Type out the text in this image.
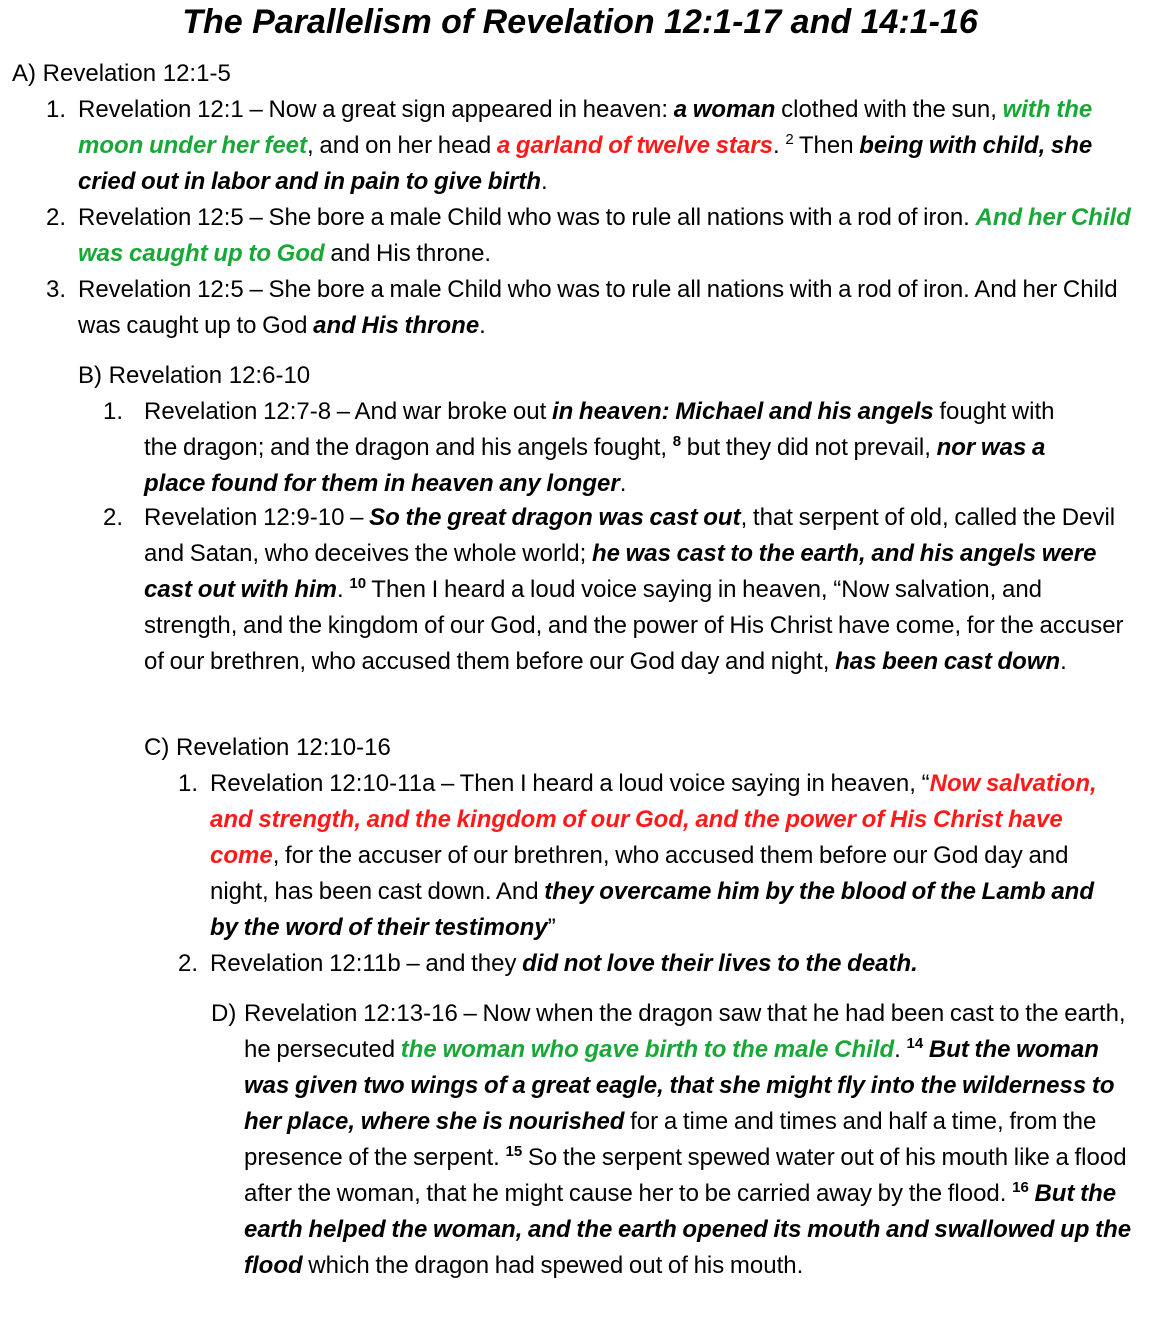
The Parallelism of Revelation 12:1-17 and 14:1-16
A) Revelation 12:1-5
1. Revelation 12:1 – Now a great sign appeared in heaven: a woman clothed with the sun, with the moon under her feet, and on her head a garland of twelve stars. $^2$ Then being with child, she cried out in labor and in pain to give birth.
2. Revelation 12:5 – She bore a male Child who was to rule all nations with a rod of iron. And her Child was caught up to God and His throne.
3. Revelation 12:5 – She bore a male Child who was to rule all nations with a rod of iron. And her Child was caught up to God and His throne.
B) Revelation 12:6-10
1. Revelation 12:7-8 – And war broke out in heaven: Michael and his angels fought with the dragon; and the dragon and his angels fought, $^8$ but they did not prevail, nor was a place found for them in heaven any longer.
2. Revelation 12:9-10 – So the great dragon was cast out, that serpent of old, called the Devil and Satan, who deceives the whole world; he was cast to the earth, and his angels were cast out with him. $^{10}$ Then I heard a loud voice saying in heaven, “Now salvation, and strength, and the kingdom of our God, and the power of His Christ have come, for the accuser of our brethren, who accused them before our God day and night, has been cast down.
C) Revelation 12:10-16
1. Revelation 12:10-11a – Then I heard a loud voice saying in heaven, “Now salvation, and strength, and the kingdom of our God, and the power of His Christ have come, for the accuser of our brethren, who accused them before our God day and night, has been cast down. And they overcame him by the blood of the Lamb and by the word of their testimony”
2. Revelation 12:11b – and they did not love their lives to the death.
D) Revelation 12:13-16 – Now when the dragon saw that he had been cast to the earth, he persecuted the woman who gave birth to the male Child. $^{14}$ But the woman was given two wings of a great eagle, that she might fly into the wilderness to her place, where she is nourished for a time and times and half a time, from the presence of the serpent. $^{15}$ So the serpent spewed water out of his mouth like a flood after the woman, that he might cause her to be carried away by the flood. $^{16}$ But the earth helped the woman, and the earth opened its mouth and swallowed up the flood which the dragon had spewed out of his mouth.
